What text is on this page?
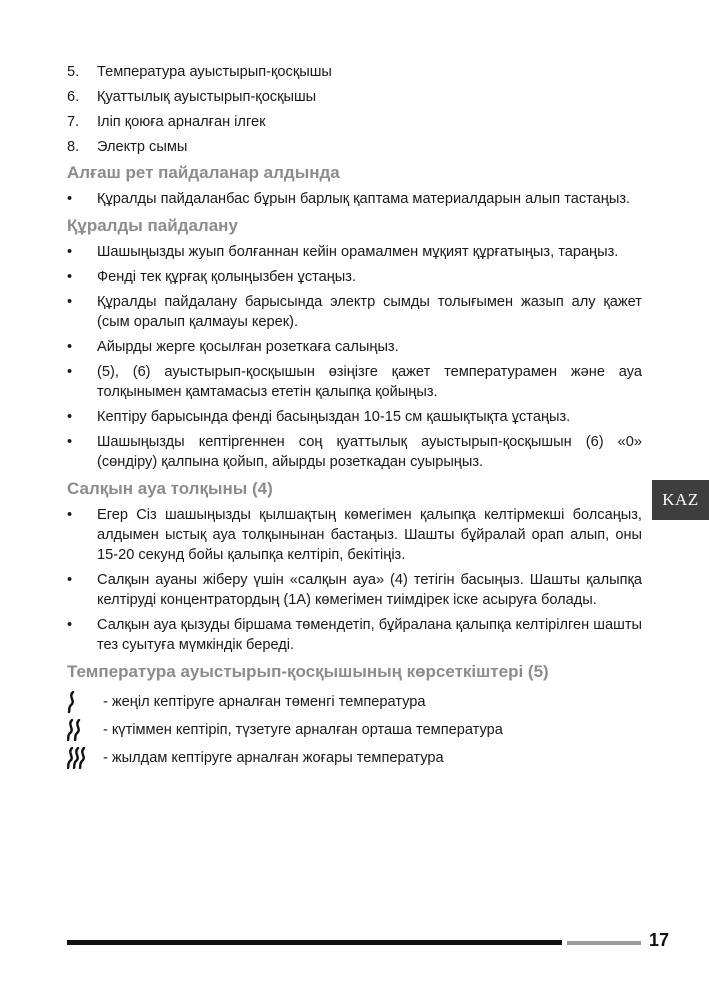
5.	Температура ауыстырып-қосқышы
6.	Қуаттылық ауыстырып-қосқышы
7.	Іліп қоюға арналған ілгек
8.	Электр сымы
Алғаш рет пайдаланар алдында
•	Құралды пайдаланбас бұрын барлық қаптама материалдарын алып тастаңыз.
Құралды пайдалану
•	Шашыңызды жуып болғаннан кейін орамалмен мұқият құрғатыңыз, тараңыз.
•	Фенді тек құрғақ қолыңызбен ұстаңыз.
•	Құралды пайдалану барысында электр сымды толығымен жазып алу қажет (сым оралып қалмауы керек).
•	Айырды жерге қосылған розеткаға салыңыз.
•	(5), (6) ауыстырып-қосқышын өзіңізге қажет температурамен және ауа толқынымен қамтамасыз ететін қалыпқа қойыңыз.
•	Кептіру барысында фенді басыңыздан 10-15 см қашықтықта ұстаңыз.
•	Шашыңызды кептіргеннен соң қуаттылық ауыстырып-қосқышын (6) «0» (сөндіру) қалпына қойып, айырды розеткадан суырыңыз.
Салқын ауа толқыны (4)
•	Егер Сіз шашыңызды қылшақтың көмегімен қалыпқа келтірмекші болсаңыз, алдымен ыстық ауа толқынынан бастаңыз. Шашты бұйралай орап алып, оны 15-20 секунд бойы қалыпқа келтіріп, бекітіңіз.
•	Салқын ауаны жіберу үшін «салқын ауа» (4) тетігін басыңыз. Шашты қалыпқа келтіруді концентратордың (1A) көмегімен тиімдірек іске асыруға болады.
•	Салқын ауа қызуды біршама төмендетіп, бұйралана қалыпқа келтірілген шашты тез суытуға мүмкіндік береді.
Температура ауыстырып-қосқышының көрсеткіштері (5)
- жеңіл кептіруге арналған төменгі температура
- күтіммен кептіріп, түзетуге арналған орташа температура
- жылдам кептіруге арналған жоғары температура
KAZ
17
